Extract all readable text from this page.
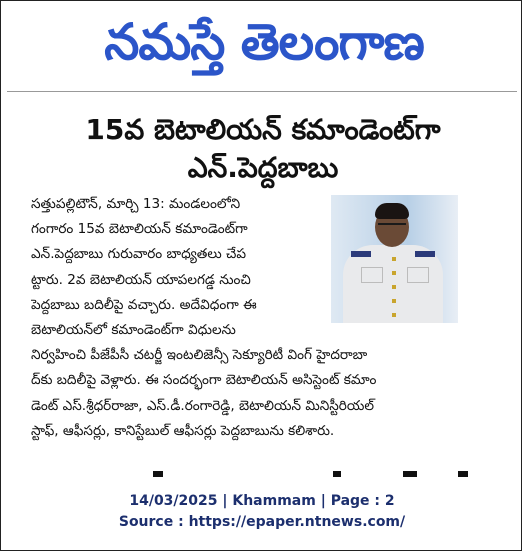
నమస్తే తెలంగాణ
15వ బెటాలియన్ కమాండెంట్‌గా
ఎన్.పెద్దబాబు
సత్తుపల్లిటౌన్, మార్చి 13: మండలంలోని
గంగారం 15వ బెటాలియన్ కమాండెంట్‌గా
ఎన్.పెద్దబాబు గురువారం బాధ్యతలు చేప
ట్టారు. 2వ బెటాలియన్ యాపలగడ్డ నుంచి
పెద్దబాబు బదిలీపై వచ్చారు. అదేవిధంగా ఈ
బెటాలియన్‌లో కమాండెంట్‌గా విధులను
నిర్వహించి పీజేపీసీ చటర్జీ ఇంటలిజెన్సీ సెక్యూరిటీ వింగ్ హైదరాబా
ద్‌కు బదిలీపై వెళ్లారు. ఈ సందర్భంగా బెటాలియన్ అసిస్టెంట్ కమాం
డెంట్ ఎస్.శ్రీధర్‌రాజా, ఎస్.డీ.రంగారెడ్డి, బెటాలియన్ మినిస్టీరియల్
స్టాఫ్, ఆఫీసర్లు, కానిస్టేబుల్ ఆఫీసర్లు పెద్దబాబును కలిశారు.
14/03/2025 | Khammam | Page : 2
Source : https://epaper.ntnews.com/
